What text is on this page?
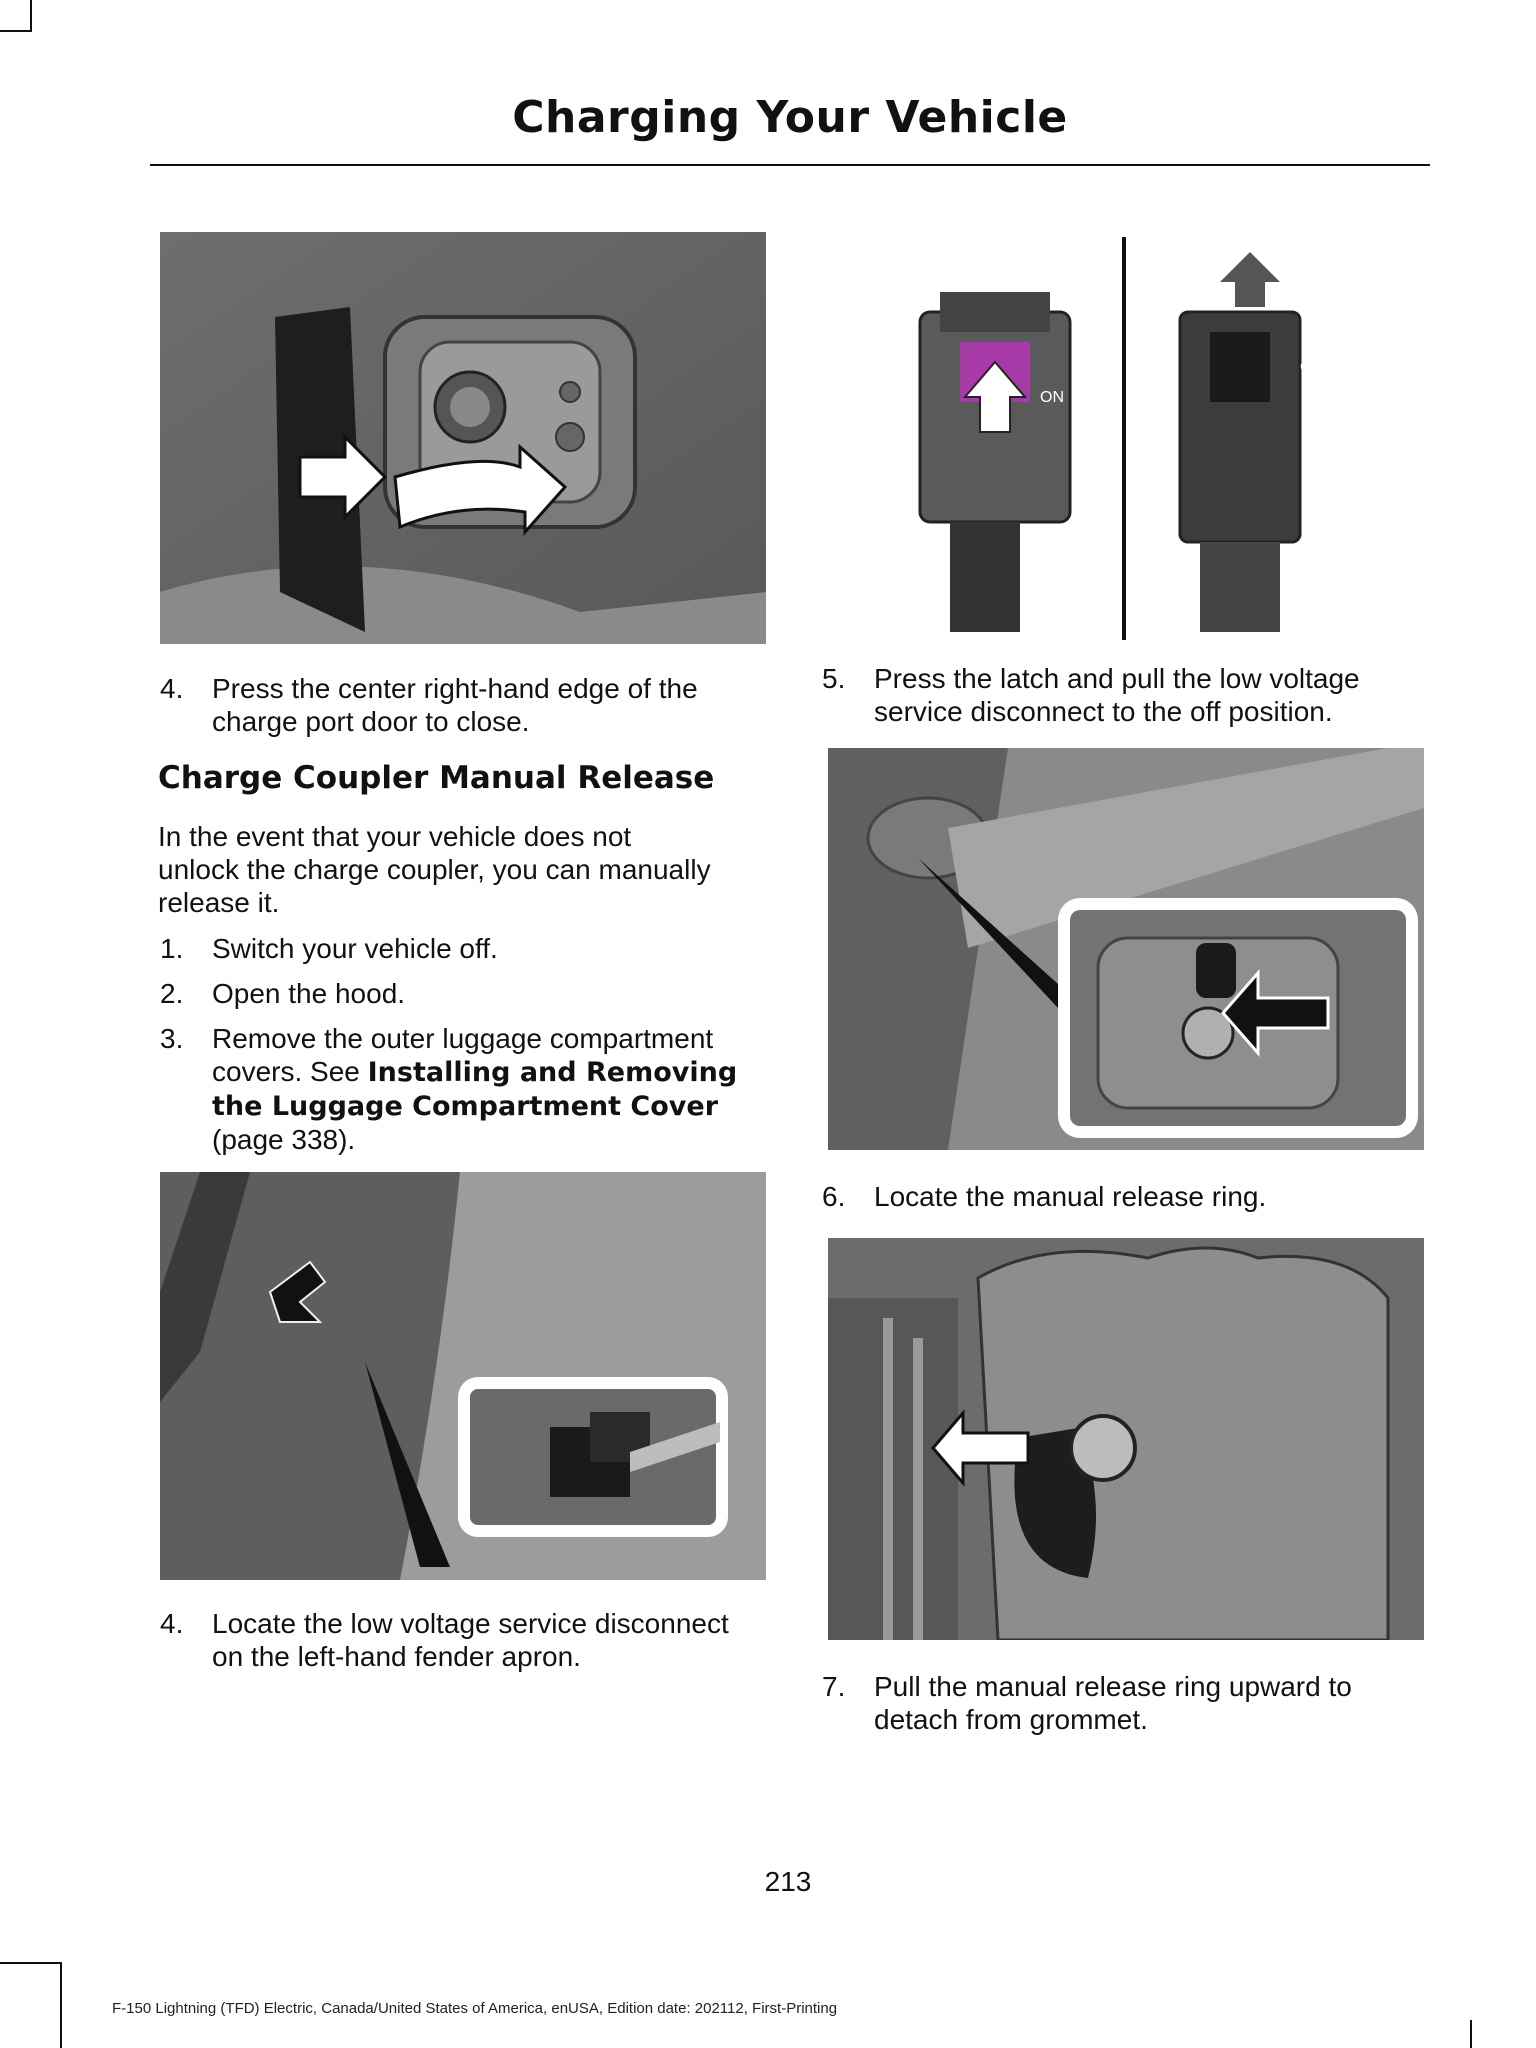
Charging Your Vehicle
ON
OFF
4. Press the center right-hand edge of the charge port door to close.
Charge Coupler Manual Release
In the event that your vehicle does not unlock the charge coupler, you can manually release it.
1. Switch your vehicle off.
2. Open the hood.
3. Remove the outer luggage compartment covers. See Installing and Removing the Luggage Compartment Cover (page 338).
4. Locate the low voltage service disconnect on the left-hand fender apron.
5. Press the latch and pull the low voltage service disconnect to the off position.
6. Locate the manual release ring.
7. Pull the manual release ring upward to detach from grommet.
213
F-150 Lightning (TFD) Electric, Canada/United States of America, enUSA, Edition date: 202112, First-Printing
